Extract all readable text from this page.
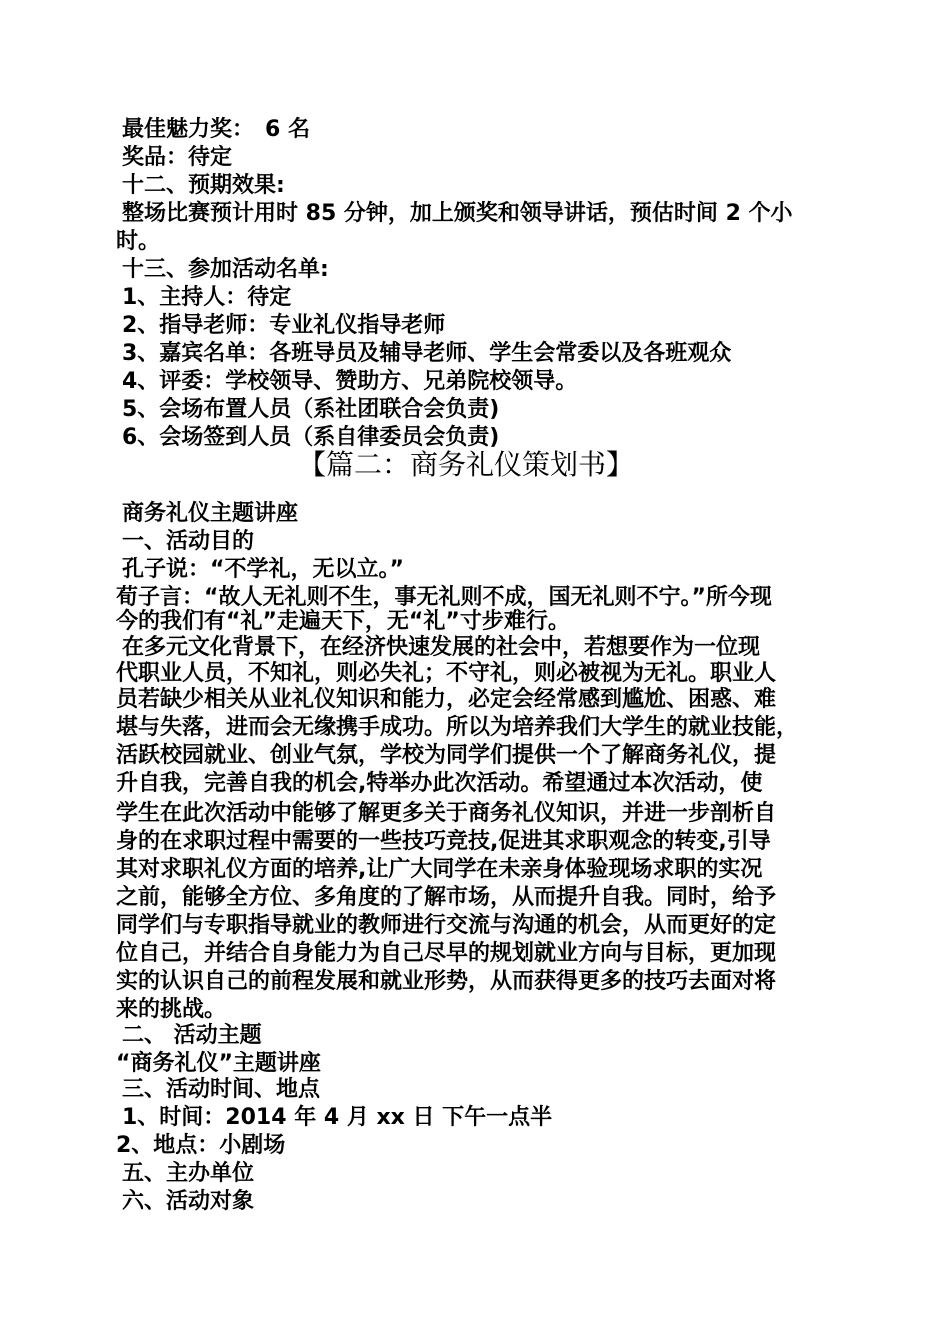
最佳魅力奖：　6 名
奖品：待定
十二、预期效果:
整场比赛预计用时 85 分钟，加上颁奖和领导讲话，预估时间 2 个小
时。
十三、参加活动名单:
1、主持人：待定
2、指导老师：专业礼仪指导老师
3、嘉宾名单：各班导员及辅导老师、学生会常委以及各班观众
4、评委：学校领导、赞助方、兄弟院校领导。
5、会场布置人员（系社团联合会负责)
6、会场签到人员（系自律委员会负责)
【篇二：商务礼仪策划书】
商务礼仪主题讲座
一、活动目的
孔子说：“不学礼，无以立。”
荀子言：“故人无礼则不生，事无礼则不成，国无礼则不宁。”所今现
今的我们有“礼”走遍天下，无“礼”寸步难行。
在多元文化背景下，在经济快速发展的社会中，若想要作为一位现
代职业人员，不知礼，则必失礼；不守礼，则必被视为无礼。职业人
员若缺少相关从业礼仪知识和能力，必定会经常感到尴尬、困惑、难
堪与失落，进而会无缘携手成功。所以为培养我们大学生的就业技能，
活跃校园就业、创业气氛，学校为同学们提供一个了解商务礼仪，提
升自我，完善自我的机会,特举办此次活动。希望通过本次活动，使
学生在此次活动中能够了解更多关于商务礼仪知识，并进一步剖析自
身的在求职过程中需要的一些技巧竞技,促进其求职观念的转变,引导
其对求职礼仪方面的培养,让广大同学在未亲身体验现场求职的实况
之前，能够全方位、多角度的了解市场，从而提升自我。同时，给予
同学们与专职指导就业的教师进行交流与沟通的机会，从而更好的定
位自己，并结合自身能力为自己尽早的规划就业方向与目标，更加现
实的认识自己的前程发展和就业形势，从而获得更多的技巧去面对将
来的挑战。
二、 活动主题
“商务礼仪”主题讲座
三、活动时间、地点
1、时间：2014 年 4 月 xx 日 下午一点半
2、地点：小剧场
五、主办单位
六、活动对象
